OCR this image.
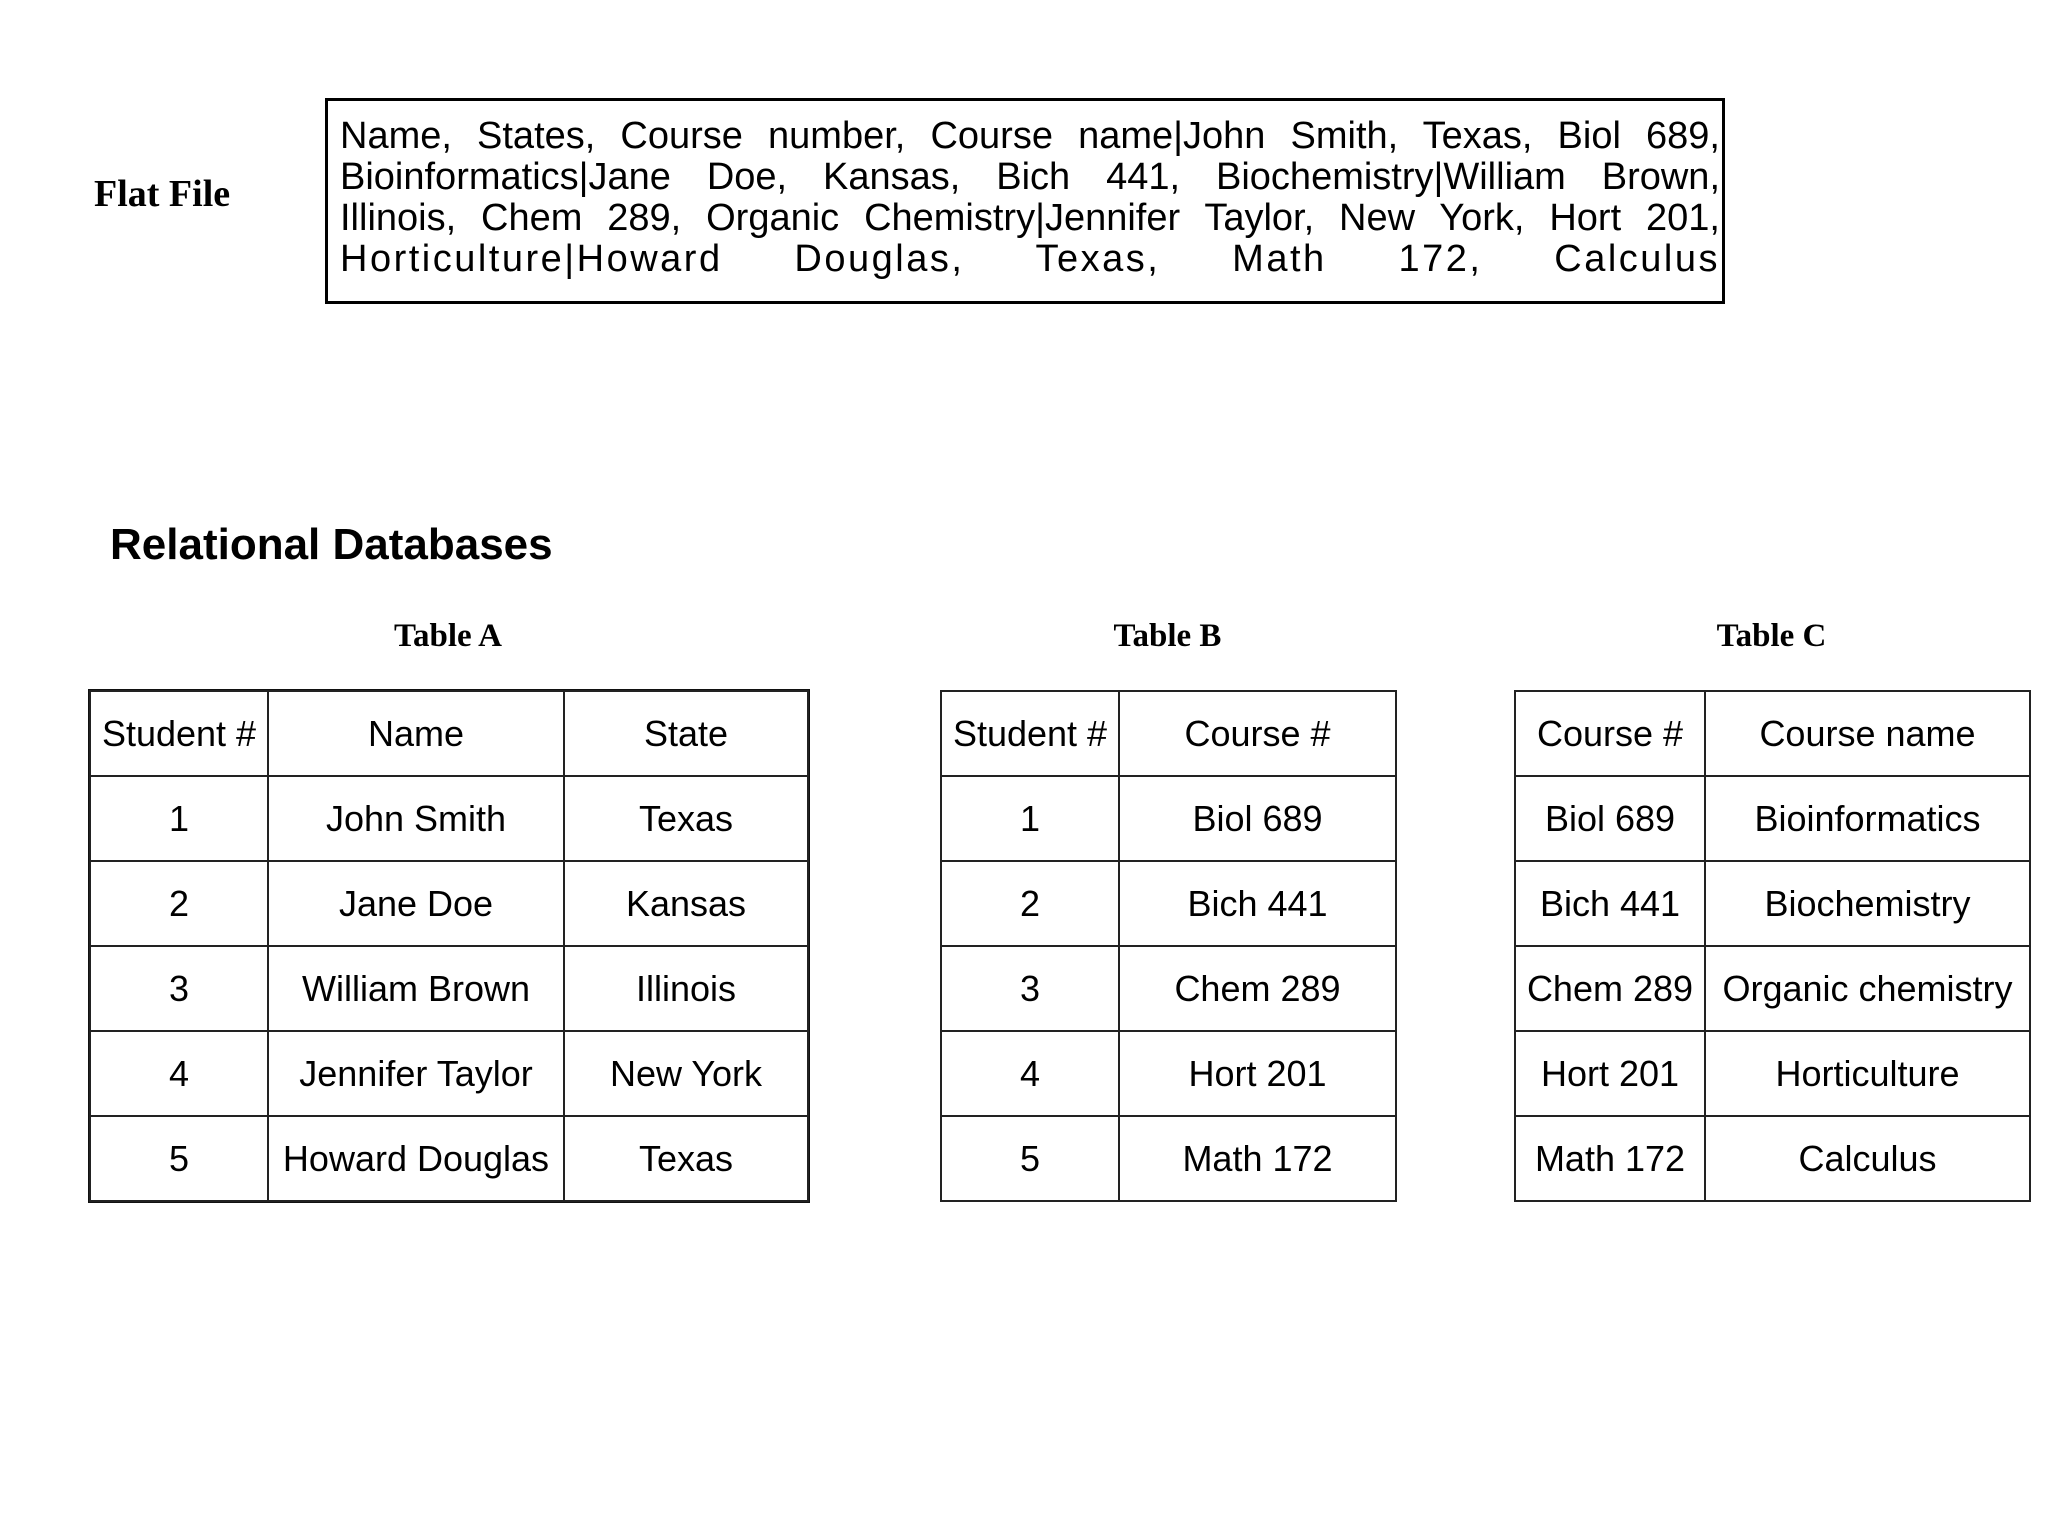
Flat File
Name, States, Course number, Course name|John Smith, Texas, Biol 689,
Bioinformatics|Jane Doe, Kansas, Bich 441, Biochemistry|William Brown,
Illinois, Chem 289, Organic Chemistry|Jennifer Taylor, New York, Hort 201,
Horticulture|Howard Douglas, Texas, Math 172, Calculus
Relational Databases
Table A	Table B	Table C
Student #	Name	State
1	John Smith	Texas
2	Jane Doe	Kansas
3	William Brown	Illinois
4	Jennifer Taylor	New York
5	Howard Douglas	Texas
Student #	Course #
1	Biol 689
2	Bich 441
3	Chem 289
4	Hort 201
5	Math 172
Course #	Course name
Biol 689	Bioinformatics
Bich 441	Biochemistry
Chem 289	Organic chemistry
Hort 201	Horticulture
Math 172	Calculus
